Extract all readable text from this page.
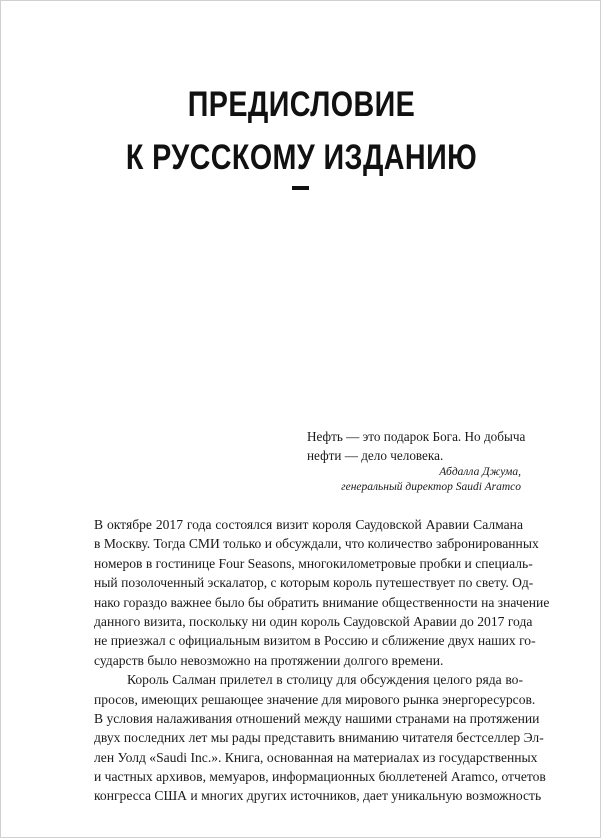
ПРЕДИСЛОВИЕ
К РУССКОМУ ИЗДАНИЮ
Нефть — это подарок Бога. Но добыча
нефти — дело человека.
Абдалла Джума,
генеральный директор Saudi Aramco
В октябре 2017 года состоялся визит короля Саудовской Аравии Салмана
в Москву. Тогда СМИ только и обсуждали, что количество забронированных
номеров в гостинице Four Seasons, многокилометровые пробки и специаль-
ный позолоченный эскалатор, с которым король путешествует по свету. Од-
нако гораздо важнее было бы обратить внимание общественности на значение
данного визита, поскольку ни один король Саудовской Аравии до 2017 года
не приезжал с официальным визитом в Россию и сближение двух наших го-
сударств было невозможно на протяжении долгого времени.
Король Салман прилетел в столицу для обсуждения целого ряда во-
просов, имеющих решающее значение для мирового рынка энергоресурсов.
В условия налаживания отношений между нашими странами на протяжении
двух последних лет мы рады представить вниманию читателя бестселлер Эл-
лен Уолд «Saudi Inc.». Книга, основанная на материалах из государственных
и частных архивов, мемуаров, информационных бюллетеней Aramco, отчетов
конгресса США и многих других источников, дает уникальную возможность
